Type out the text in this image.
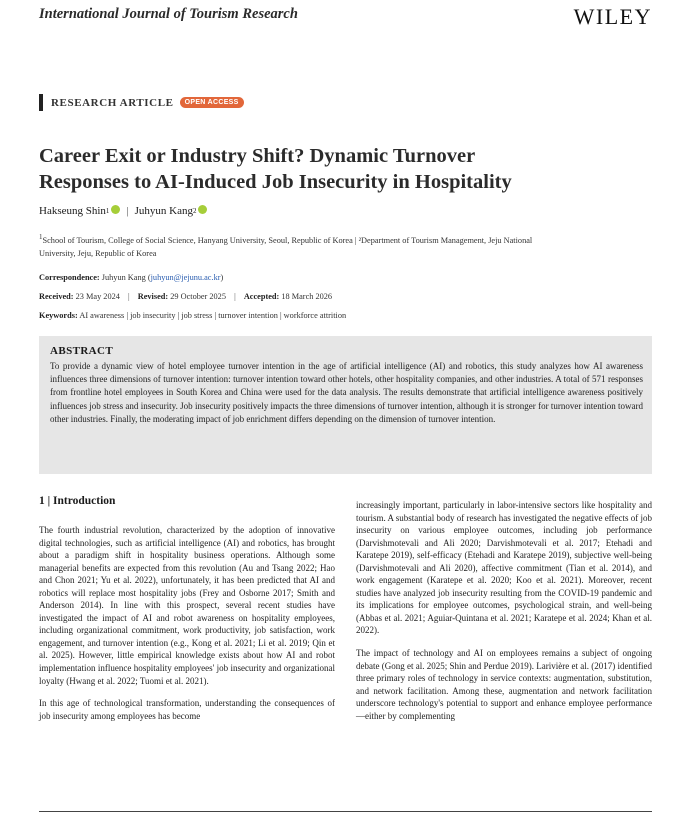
International Journal of Tourism Research	WILEY
RESEARCH ARTICLE	OPEN ACCESS
Career Exit or Industry Shift? Dynamic Turnover
Responses to AI-Induced Job Insecurity in Hospitality
Hakseung Shin 1 | Juhyun Kang 2
$^1$School of Tourism, College of Social Science, Hanyang University, Seoul, Republic of Korea | ²Department of Tourism Management, Jeju National
University, Jeju, Republic of Korea
Correspondence: Juhyun Kang (juhyun@jejunu.ac.kr)
Received: 23 May 2024 | Revised: 29 October 2025 | Accepted: 18 March 2026
Keywords: AI awareness | job insecurity | job stress | turnover intention | workforce attrition
ABSTRACT
To provide a dynamic view of hotel employee turnover intention in the age of artificial intelligence (AI) and robotics, this study analyzes how AI awareness influences three dimensions of turnover intention: turnover intention toward other hotels, other hospitality companies, and other industries. A total of 571 responses from frontline hotel employees in South Korea and China were used for the data analysis. The results demonstrate that artificial intelligence awareness positively influences job stress and insecurity. Job insecurity positively impacts the three dimensions of turnover intention, although it is stronger for turnover intention toward other industries. Finally, the moderating impact of job enrichment differs depending on the dimension of turnover intention.
1 | Introduction

The fourth industrial revolution, characterized by the adoption of innovative digital technologies, such as artificial intelligence (AI) and robotics, has brought about a paradigm shift in hospitality business operations. Although some managerial benefits are expected from this revolution (Au and Tsang 2022; Hao and Chon 2021; Yu et al. 2022), unfortunately, it has been predicted that AI and robotics will replace most hospitality jobs (Frey and Osborne 2017; Smith and Anderson 2014). In line with this prospect, several recent studies have investigated the impact of AI and robot awareness on hospitality employees, including organizational commitment, work productivity, job satisfaction, work engagement, and turnover intention (e.g., Kong et al. 2021; Li et al. 2019; Qin et al. 2025). However, little empirical knowledge exists about how AI and robot implementation influence hospitality employees' job insecurity and organizational loyalty (Hwang et al. 2022; Tuomi et al. 2021).

In this age of technological transformation, understanding the consequences of job insecurity among employees has become

increasingly important, particularly in labor-intensive sectors like hospitality and tourism. A substantial body of research has investigated the negative effects of job insecurity on various employee outcomes, including job performance (Darvishmotevali and Ali 2020; Darvishmotevali et al. 2017; Etehadi and Karatepe 2019), self-efficacy (Etehadi and Karatepe 2019), subjective well-being (Darvishmotevali and Ali 2020), affective commitment (Tian et al. 2014), and work engagement (Karatepe et al. 2020; Koo et al. 2021). Moreover, recent studies have analyzed job insecurity resulting from the COVID-19 pandemic and its implications for employee outcomes, psychological strain, and well-being (Abbas et al. 2021; Aguiar-Quintana et al. 2021; Karatepe et al. 2024; Khan et al. 2022).

The impact of technology and AI on employees remains a subject of ongoing debate (Gong et al. 2025; Shin and Perdue 2019). Larivière et al. (2017) identified three primary roles of technology in service contexts: augmentation, substitution, and network facilitation. Among these, augmentation and network facilitation underscore technology's potential to support and enhance employee performance—either by complementing
